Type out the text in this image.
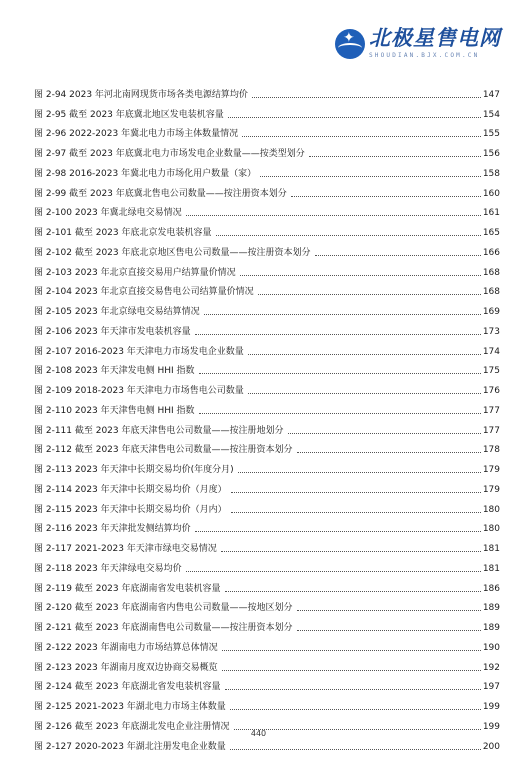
✦ 北极星售电网
SHOUDIAN.BJX.COM.CN
图 2-94 2023 年河北南网现货市场各类电源结算均价	147
图 2-95 截至 2023 年底冀北地区发电装机容量	154
图 2-96 2022-2023 年冀北电力市场主体数量情况	155
图 2-97 截至 2023 年底冀北电力市场发电企业数量——按类型划分	156
图 2-98 2016-2023 年冀北电力市场化用户数量（家）	158
图 2-99 截至 2023 年底冀北售电公司数量——按注册资本划分	160
图 2-100 2023 年冀北绿电交易情况	161
图 2-101 截至 2023 年底北京发电装机容量	165
图 2-102 截至 2023 年底北京地区售电公司数量——按注册资本划分	166
图 2-103 2023 年北京直接交易用户结算量价情况	168
图 2-104 2023 年北京直接交易售电公司结算量价情况	168
图 2-105 2023 年北京绿电交易结算情况	169
图 2-106 2023 年天津市发电装机容量	173
图 2-107 2016-2023 年天津电力市场发电企业数量	174
图 2-108 2023 年天津发电侧 HHI 指数	175
图 2-109 2018-2023 年天津电力市场售电公司数量	176
图 2-110 2023 年天津售电侧 HHI 指数	177
图 2-111 截至 2023 年底天津售电公司数量——按注册地划分	177
图 2-112 截至 2023 年底天津售电公司数量——按注册资本划分	178
图 2-113 2023 年天津中长期交易均价(年度分月)	179
图 2-114 2023 年天津中长期交易均价（月度）	179
图 2-115 2023 年天津中长期交易均价（月内）	180
图 2-116 2023 年天津批发侧结算均价	180
图 2-117 2021-2023 年天津市绿电交易情况	181
图 2-118 2023 年天津绿电交易均价	181
图 2-119 截至 2023 年底湖南省发电装机容量	186
图 2-120 截至 2023 年底湖南省内售电公司数量——按地区划分	189
图 2-121 截至 2023 年底湖南售电公司数量——按注册资本划分	189
图 2-122 2023 年湖南电力市场结算总体情况	190
图 2-123 2023 年湖南月度双边协商交易概览	192
图 2-124 截至 2023 年底湖北省发电装机容量	197
图 2-125 2021-2023 年湖北电力市场主体数量	199
图 2-126 截至 2023 年底湖北发电企业注册情况	199
图 2-127 2020-2023 年湖北注册发电企业数量	200
440
